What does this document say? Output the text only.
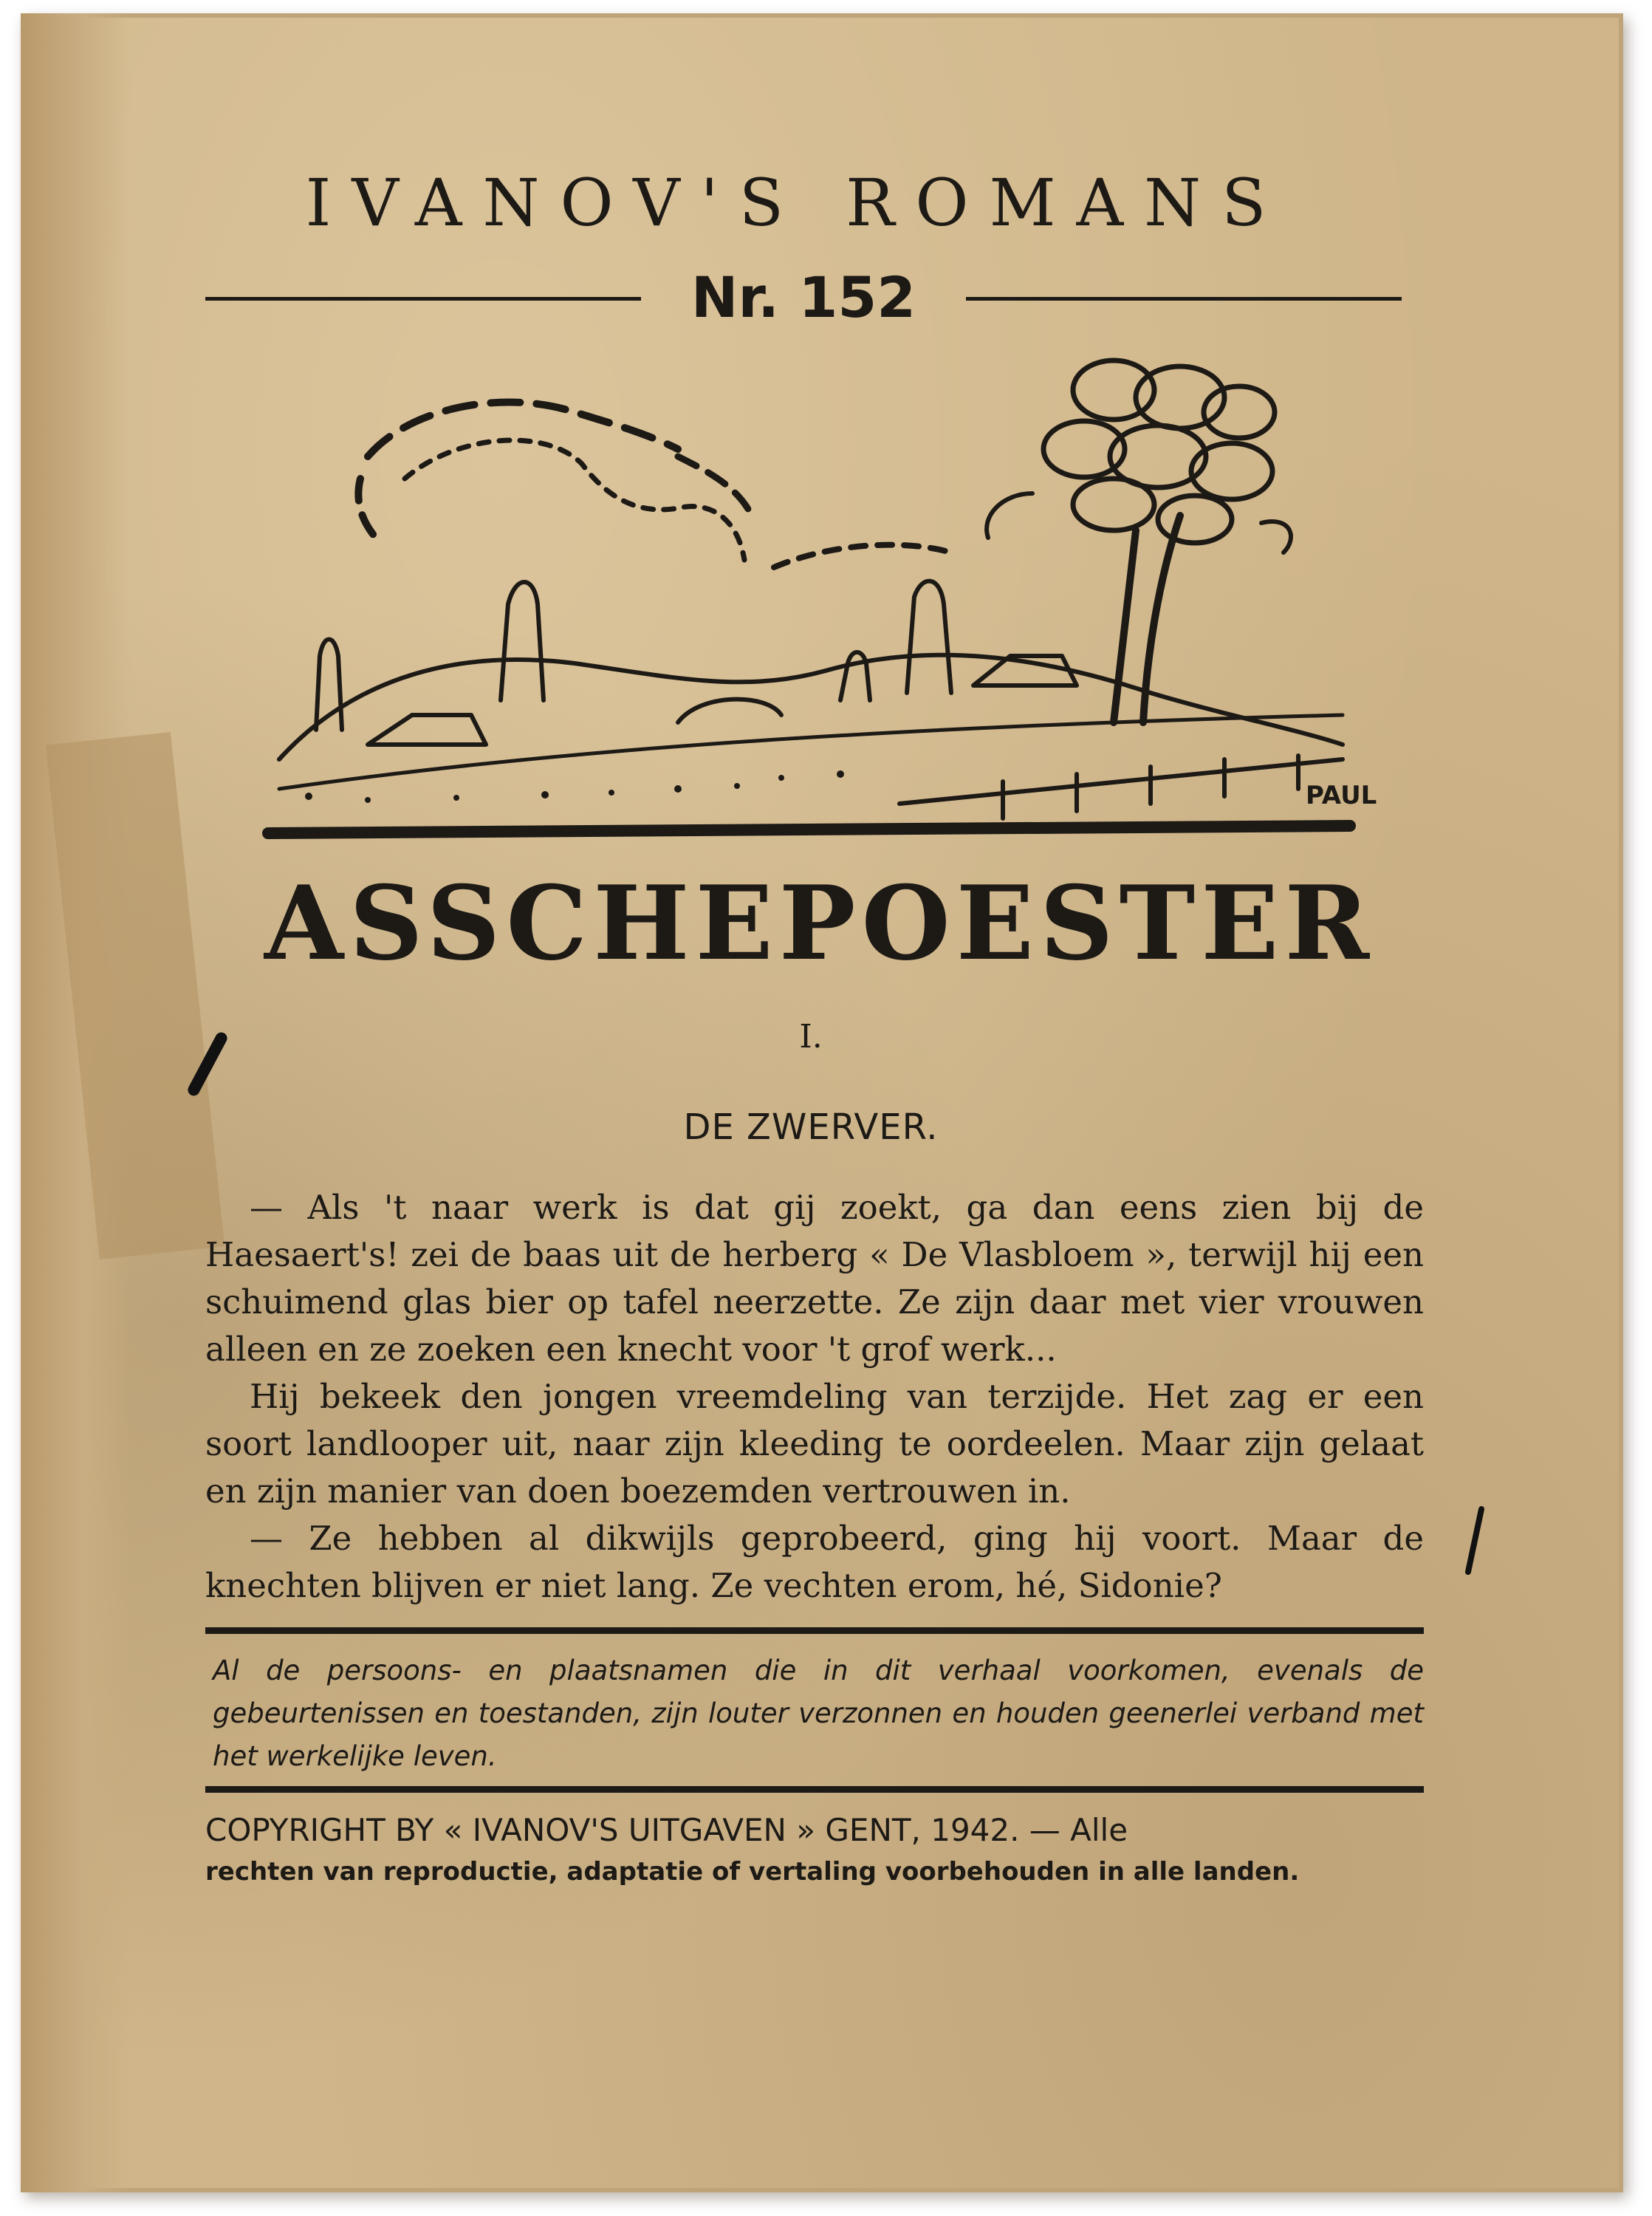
IVANOV'S ROMANS
Nr. 152
PAUL
ASSCHEPOESTER
I.
DE ZWERVER.

— Als 't naar werk is dat gij zoekt, ga dan eens zien bij de Haesaert's! zei de baas uit de herberg « De Vlasbloem », terwijl hij een schuimend glas bier op tafel neerzette. Ze zijn daar met vier vrouwen alleen en ze zoeken een knecht voor 't grof werk...

Hij bekeek den jongen vreemdeling van terzijde. Het zag er een soort landlooper uit, naar zijn kleeding te oordeelen. Maar zijn gelaat en zijn manier van doen boezemden vertrouwen in.

— Ze hebben al dikwijls geprobeerd, ging hij voort. Maar de knechten blijven er niet lang. Ze vechten erom, hé, Sidonie?

Al de persoons- en plaatsnamen die in dit verhaal voorkomen, evenals de gebeurtenissen en toestanden, zijn louter verzonnen en houden geenerlei verband met het werkelijke leven.
COPYRIGHT BY « IVANOV'S UITGAVEN » GENT, 1942. — Alle
rechten van reproductie, adaptatie of vertaling voorbehouden in alle landen.
